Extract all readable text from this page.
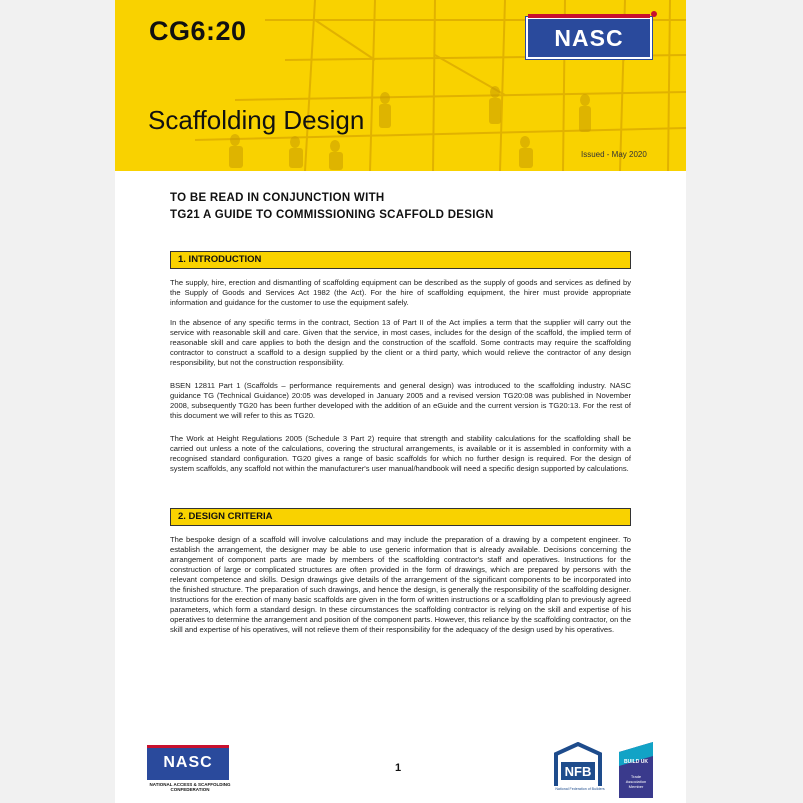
CG6:20	NASC
Scaffolding Design
Issued - May 2020
TO BE READ IN CONJUNCTION WITH
TG21 A GUIDE TO COMMISSIONING SCAFFOLD DESIGN
1. INTRODUCTION

The supply, hire, erection and dismantling of scaffolding equipment can be described as the supply of goods and services as defined by the Supply of Goods and Services Act 1982 (the Act). For the hire of scaffolding equipment, the hirer must provide appropriate information and guidance for the customer to use the equipment safely.

In the absence of any specific terms in the contract, Section 13 of Part II of the Act implies a term that the supplier will carry out the service with reasonable skill and care. Given that the service, in most cases, includes for the design of the scaffold, the implied term of reasonable skill and care applies to both the design and the construction of the scaffold. Some contracts may require the scaffolding contractor to construct a scaffold to a design supplied by the client or a third party, which would relieve the contractor of any design responsibility, but not the construction responsibility.

BSEN 12811 Part 1 (Scaffolds – performance requirements and general design) was introduced to the scaffolding industry. NASC guidance TG (Technical Guidance) 20:05 was developed in January 2005 and a revised version TG20:08 was published in November 2008, subsequently TG20 has been further developed with the addition of an eGuide and the current version is TG20:13. For the rest of this document we will refer to this as TG20.

The Work at Height Regulations 2005 (Schedule 3 Part 2) require that strength and stability calculations for the scaffolding shall be carried out unless a note of the calculations, covering the structural arrangements, is available or it is assembled in conformity with a recognised standard configuration. TG20 gives a range of basic scaffolds for which no further design is required. For the design of system scaffolds, any scaffold not within the manufacturer's user manual/handbook will need a specific design supported by calculations.

2. DESIGN CRITERIA

The bespoke design of a scaffold will involve calculations and may include the preparation of a drawing by a competent engineer. To establish the arrangement, the designer may be able to use generic information that is already available. Decisions concerning the arrangement of component parts are made by members of the scaffolding contractor's staff and operatives. Instructions for the construction of large or complicated structures are often provided in the form of drawings, which are prepared by persons with the relevant competence and skills. Design drawings give details of the arrangement of the significant components to be incorporated into the finished structure. The preparation of such drawings, and hence the design, is generally the responsibility of the scaffolding designer. Instructions for the erection of many basic scaffolds are given in the form of written instructions or a scaffolding plan to previously agreed parameters, which form a standard design. In these circumstances the scaffolding contractor is relying on the skill and expertise of his operatives to determine the arrangement and position of the component parts. However, this reliance by the scaffolding contractor, on the skill and expertise of his operatives, will not relieve them of their responsibility for the adequacy of the design used by his operatives.

NASC
NATIONAL ACCESS & SCAFFOLDING CONFEDERATION
1	NFB
National Federation of Builders
BUILD UK
Trade Association Member
